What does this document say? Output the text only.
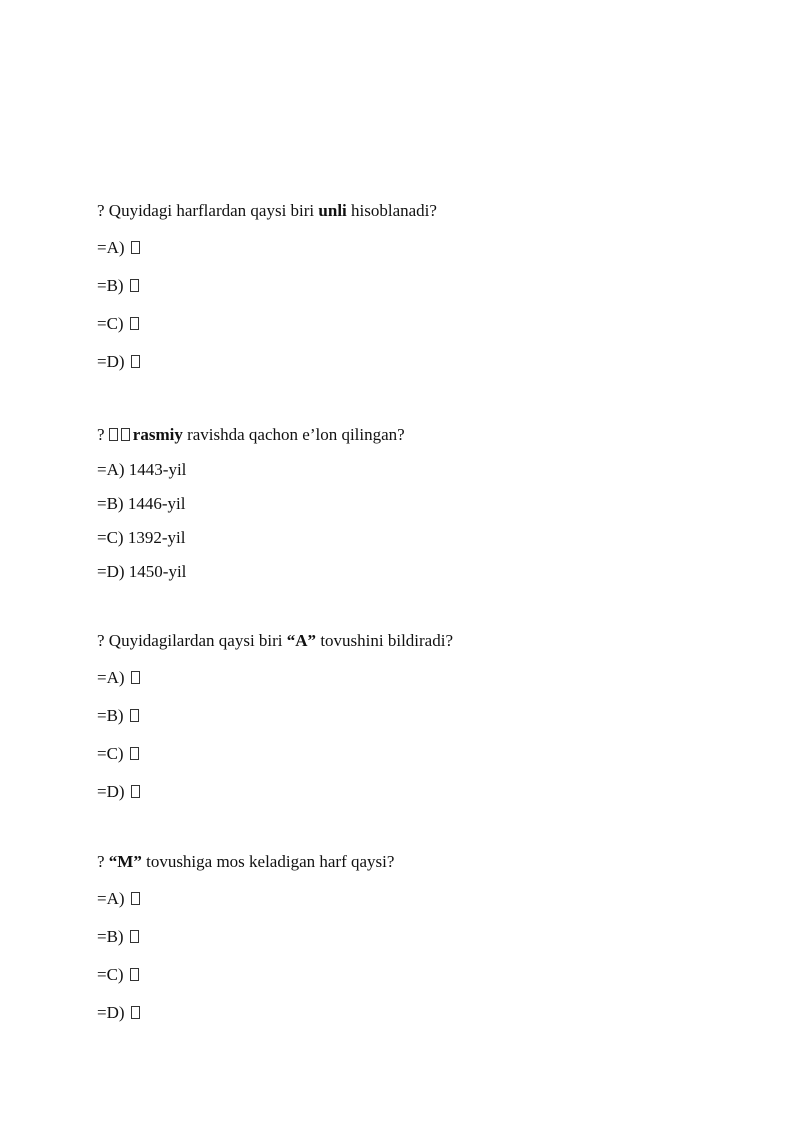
? Quyidagi harflardan qaysi biri unli hisoblanadi?
=A)
=B)
=C)
=D)
? rasmiy ravishda qachon e’lon qilingan?
=A) 1443-yil
=B) 1446-yil
=C) 1392-yil
=D) 1450-yil
? Quyidagilardan qaysi biri “A” tovushini bildiradi?
=A)
=B)
=C)
=D)
? “M” tovushiga mos keladigan harf qaysi?
=A)
=B)
=C)
=D)
